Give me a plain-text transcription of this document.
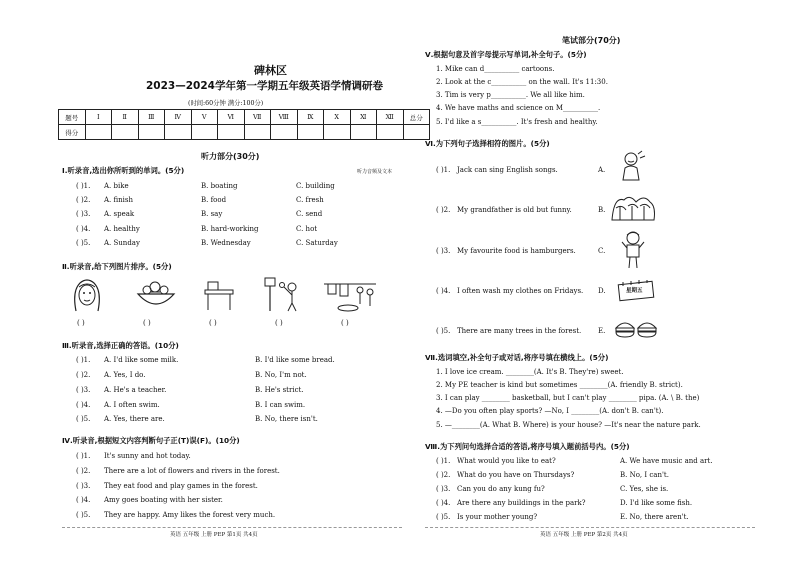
碑林区
2023—2024学年第一学期五年级英语学情调研卷
(时间:60分钟 满分:100分)
题号	Ⅰ	Ⅱ	Ⅲ	Ⅳ	Ⅴ	Ⅵ	Ⅶ	Ⅷ	Ⅸ	Ⅹ	Ⅺ	Ⅻ	总分
得分													
听力部分(30分)
听力音频及文本
Ⅰ.听录音,选出你所听到的单词。(5分)
( )1. A. bike	B. boating	C. building
( )2. A. finish	B. food	C. fresh
( )3. A. speak	B. say	C. send
( )4. A. healthy	B. hard-working	C. hot
( )5. A. Sunday	B. Wednesday	C. Saturday
Ⅱ.听录音,给下列图片排序。(5分)
( )	( )	( )	( )	( )
Ⅲ.听录音,选择正确的答语。(10分)
( )1. A. I'd like some milk.	B. I'd like some bread.
( )2. A. Yes, I do.	B. No, I'm not.
( )3. A. He's a teacher.	B. He's strict.
( )4. A. I often swim.	B. I can swim.
( )5. A. Yes, there are.	B. No, there isn't.
Ⅳ.听录音,根据短文内容判断句子正(T)误(F)。(10分)
( )1. It's sunny and hot today.
( )2. There are a lot of flowers and rivers in the forest.
( )3. They eat food and play games in the forest.
( )4. Amy goes boating with her sister.
( )5. They are happy. Amy likes the forest very much.
英语 五年级 上册 PEP 第1页 共4页
笔试部分(70分)
Ⅴ.根据句意及首字母提示写单词,补全句子。(5分)
1. Mike can d__________ cartoons.
2. Look at the c__________ on the wall. It's 11:30.
3. Tim is very p__________. We all like him.
4. We have maths and science on M__________.
5. I'd like a s__________. It's fresh and healthy.
Ⅵ.为下列句子选择相符的图片。(5分)
( )1. Jack can sing English songs.	A.
( )2. My grandfather is old but funny.	B.
( )3. My favourite food is hamburgers.	C.
( )4. I often wash my clothes on Fridays. D.	星期五
( )5. There are many trees in the forest. E.
Ⅶ.选词填空,补全句子或对话,将序号填在横线上。(5分)
1. I love ice cream. ________(A. It's B. They're) sweet.
2. My PE teacher is kind but sometimes ________(A. friendly B. strict).
3. I can play ________ basketball, but I can't play ________ pipa. (A. \ B. the)
4. —Do you often play sports? —No, I ________(A. don't B. can't).
5. —________(A. What B. Where) is your house? —It's near the nature park.
Ⅷ.为下列问句选择合适的答语,将序号填入题前括号内。(5分)
( )1. What would you like to eat?	A. We have music and art.
( )2. What do you have on Thursdays?	B. No, I can't.
( )3. Can you do any kung fu?	C. Yes, she is.
( )4. Are there any buildings in the park?	D. I'd like some fish.
( )5. Is your mother young?	E. No, there aren't.
英语 五年级 上册 PEP 第2页 共4页
